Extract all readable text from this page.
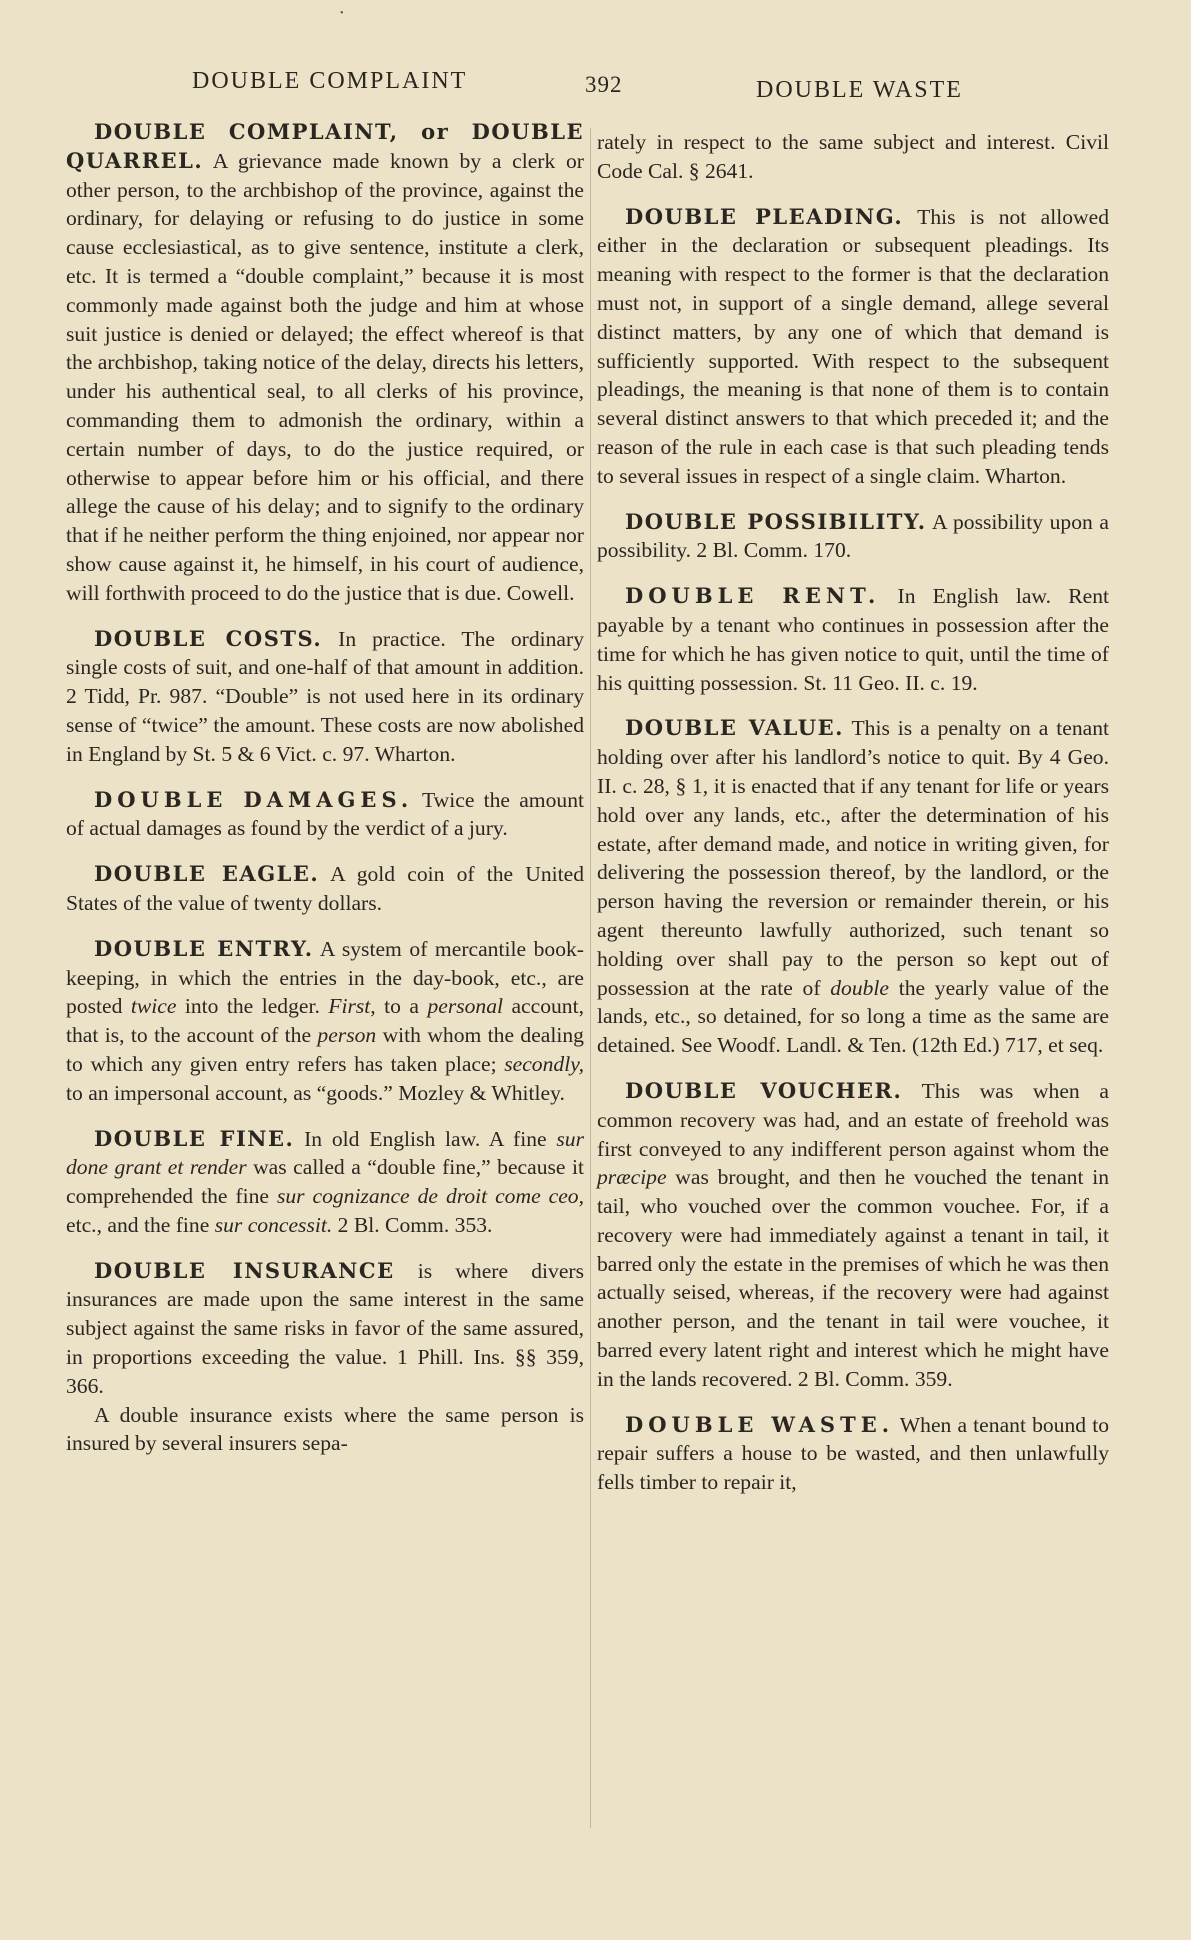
•
DOUBLE COMPLAINT	392	DOUBLE WASTE

DOUBLE COMPLAINT, or DOUBLE QUARREL. A grievance made known by a clerk or other person, to the archbishop of the province, against the ordinary, for delaying or refusing to do justice in some cause ecclesiastical, as to give sentence, institute a clerk, etc. It is termed a “double complaint,” because it is most commonly made against both the judge and him at whose suit justice is denied or delayed; the effect whereof is that the archbishop, taking notice of the delay, directs his letters, under his authentical seal, to all clerks of his province, commanding them to admonish the ordinary, within a certain number of days, to do the justice required, or otherwise to appear before him or his official, and there allege the cause of his delay; and to signify to the ordinary that if he neither perform the thing enjoined, nor appear nor show cause against it, he himself, in his court of audience, will forthwith proceed to do the justice that is due. Cowell.

DOUBLE COSTS. In practice. The ordinary single costs of suit, and one-half of that amount in addition. 2 Tidd, Pr. 987. “Double” is not used here in its ordinary sense of “twice” the amount. These costs are now abolished in England by St. 5 & 6 Vict. c. 97. Wharton.

DOUBLE DAMAGES. Twice the amount of actual damages as found by the verdict of a jury.

DOUBLE EAGLE. A gold coin of the United States of the value of twenty dollars.

DOUBLE ENTRY. A system of mercantile book-keeping, in which the entries in the day-book, etc., are posted twice into the ledger. First, to a personal account, that is, to the account of the person with whom the dealing to which any given entry refers has taken place; secondly, to an impersonal account, as “goods.” Mozley & Whitley.

DOUBLE FINE. In old English law. A fine sur done grant et render was called a “double fine,” because it comprehended the fine sur cognizance de droit come ceo, etc., and the fine sur concessit. 2 Bl. Comm. 353.

DOUBLE INSURANCE is where divers insurances are made upon the same interest in the same subject against the same risks in favor of the same assured, in proportions exceeding the value. 1 Phill. Ins. §§ 359, 366.

A double insurance exists where the same person is insured by several insurers sepa-

rately in respect to the same subject and interest. Civil Code Cal. § 2641.

DOUBLE PLEADING. This is not allowed either in the declaration or subsequent pleadings. Its meaning with respect to the former is that the declaration must not, in support of a single demand, allege several distinct matters, by any one of which that demand is sufficiently supported. With respect to the subsequent pleadings, the meaning is that none of them is to contain several distinct answers to that which preceded it; and the reason of the rule in each case is that such pleading tends to several issues in respect of a single claim. Wharton.

DOUBLE POSSIBILITY. A possibility upon a possibility. 2 Bl. Comm. 170.

DOUBLE RENT. In English law. Rent payable by a tenant who continues in possession after the time for which he has given notice to quit, until the time of his quitting possession. St. 11 Geo. II. c. 19.

DOUBLE VALUE. This is a penalty on a tenant holding over after his landlord’s notice to quit. By 4 Geo. II. c. 28, § 1, it is enacted that if any tenant for life or years hold over any lands, etc., after the determination of his estate, after demand made, and notice in writing given, for delivering the possession thereof, by the landlord, or the person having the reversion or remainder therein, or his agent thereunto lawfully authorized, such tenant so holding over shall pay to the person so kept out of possession at the rate of double the yearly value of the lands, etc., so detained, for so long a time as the same are detained. See Woodf. Landl. & Ten. (12th Ed.) 717, et seq.

DOUBLE VOUCHER. This was when a common recovery was had, and an estate of freehold was first conveyed to any indifferent person against whom the præcipe was brought, and then he vouched the tenant in tail, who vouched over the common vouchee. For, if a recovery were had immediately against a tenant in tail, it barred only the estate in the premises of which he was then actually seised, whereas, if the recovery were had against another person, and the tenant in tail were vouchee, it barred every latent right and interest which he might have in the lands recovered. 2 Bl. Comm. 359.

DOUBLE WASTE. When a tenant bound to repair suffers a house to be wasted, and then unlawfully fells timber to repair it,
